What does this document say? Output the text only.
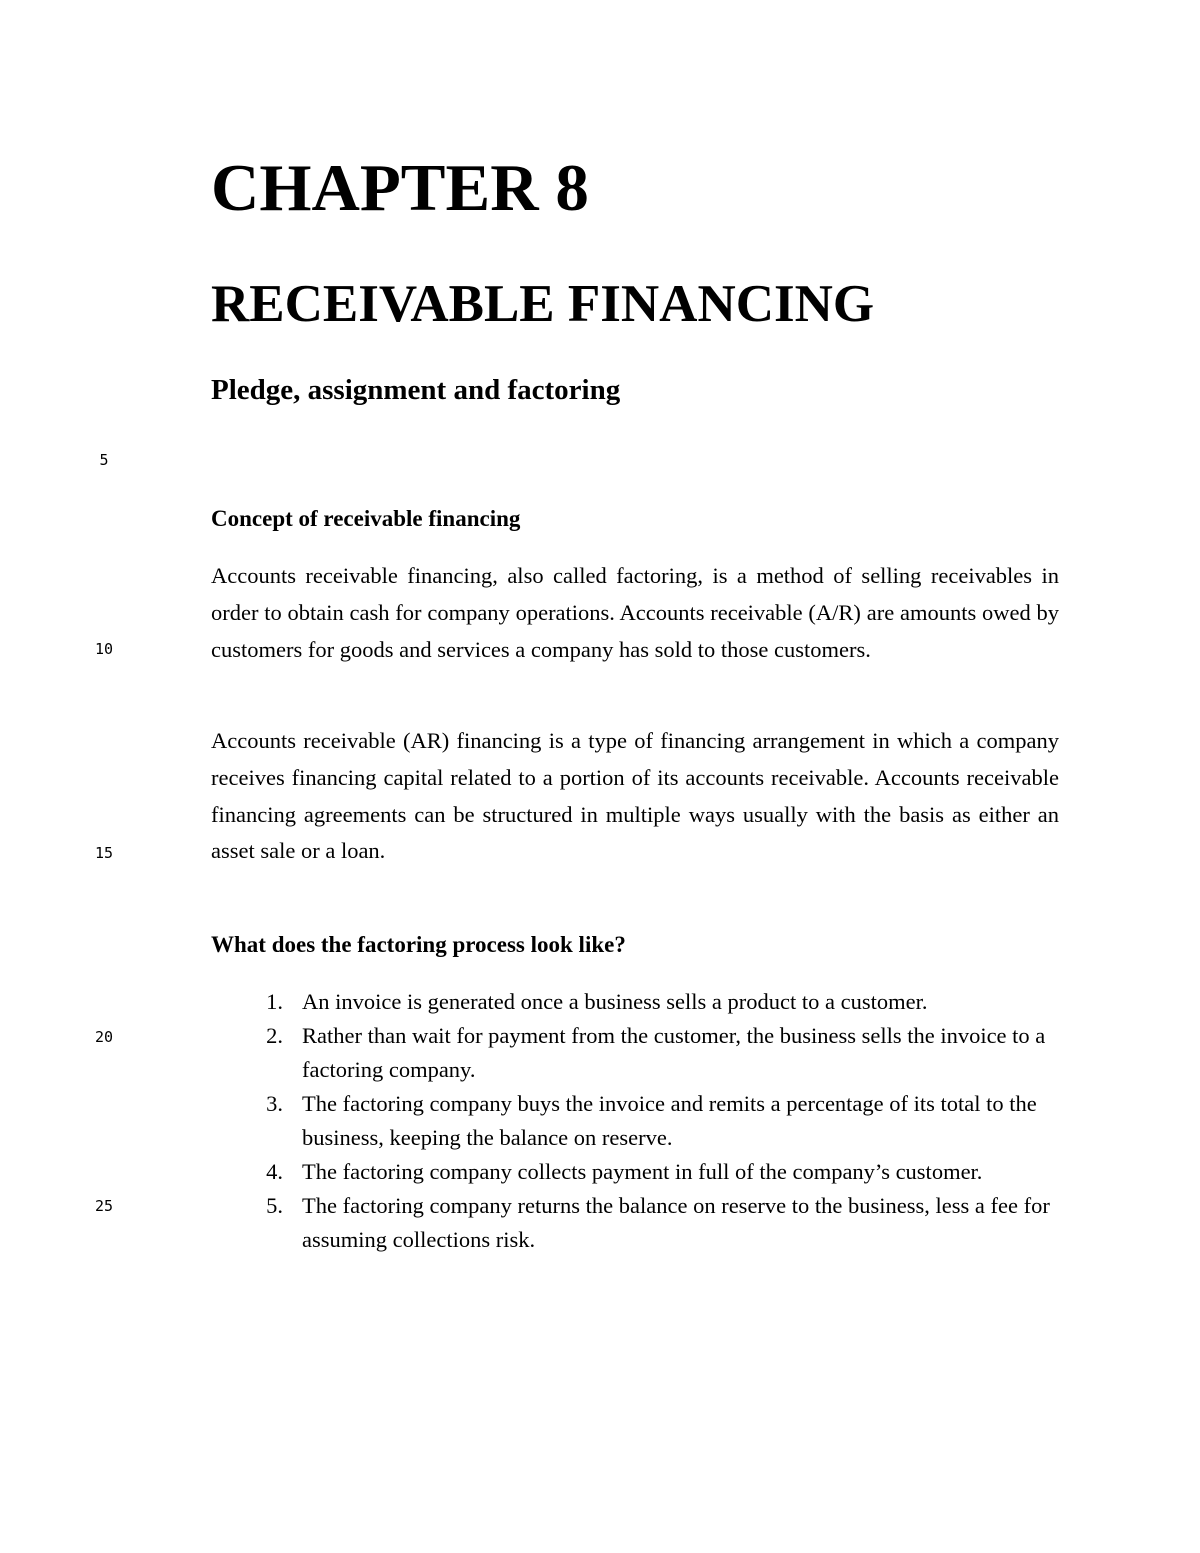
5
10
15
20
25
CHAPTER 8
RECEIVABLE FINANCING
Pledge, assignment and factoring
Concept of receivable financing

Accounts receivable financing, also called factoring, is a method of selling receivables in order to obtain cash for company operations. Accounts receivable (A/R) are amounts owed by customers for goods and services a company has sold to those customers.

Accounts receivable (AR) financing is a type of financing arrangement in which a company receives financing capital related to a portion of its accounts receivable. Accounts receivable financing agreements can be structured in multiple ways usually with the basis as either an asset sale or a loan.

What does the factoring process look like?
1. An invoice is generated once a business sells a product to a customer.
2. Rather than wait for payment from the customer, the business sells the invoice to a factoring company.
3. The factoring company buys the invoice and remits a percentage of its total to the business, keeping the balance on reserve.
4. The factoring company collects payment in full of the company’s customer.
5. The factoring company returns the balance on reserve to the business, less a fee for assuming collections risk.
